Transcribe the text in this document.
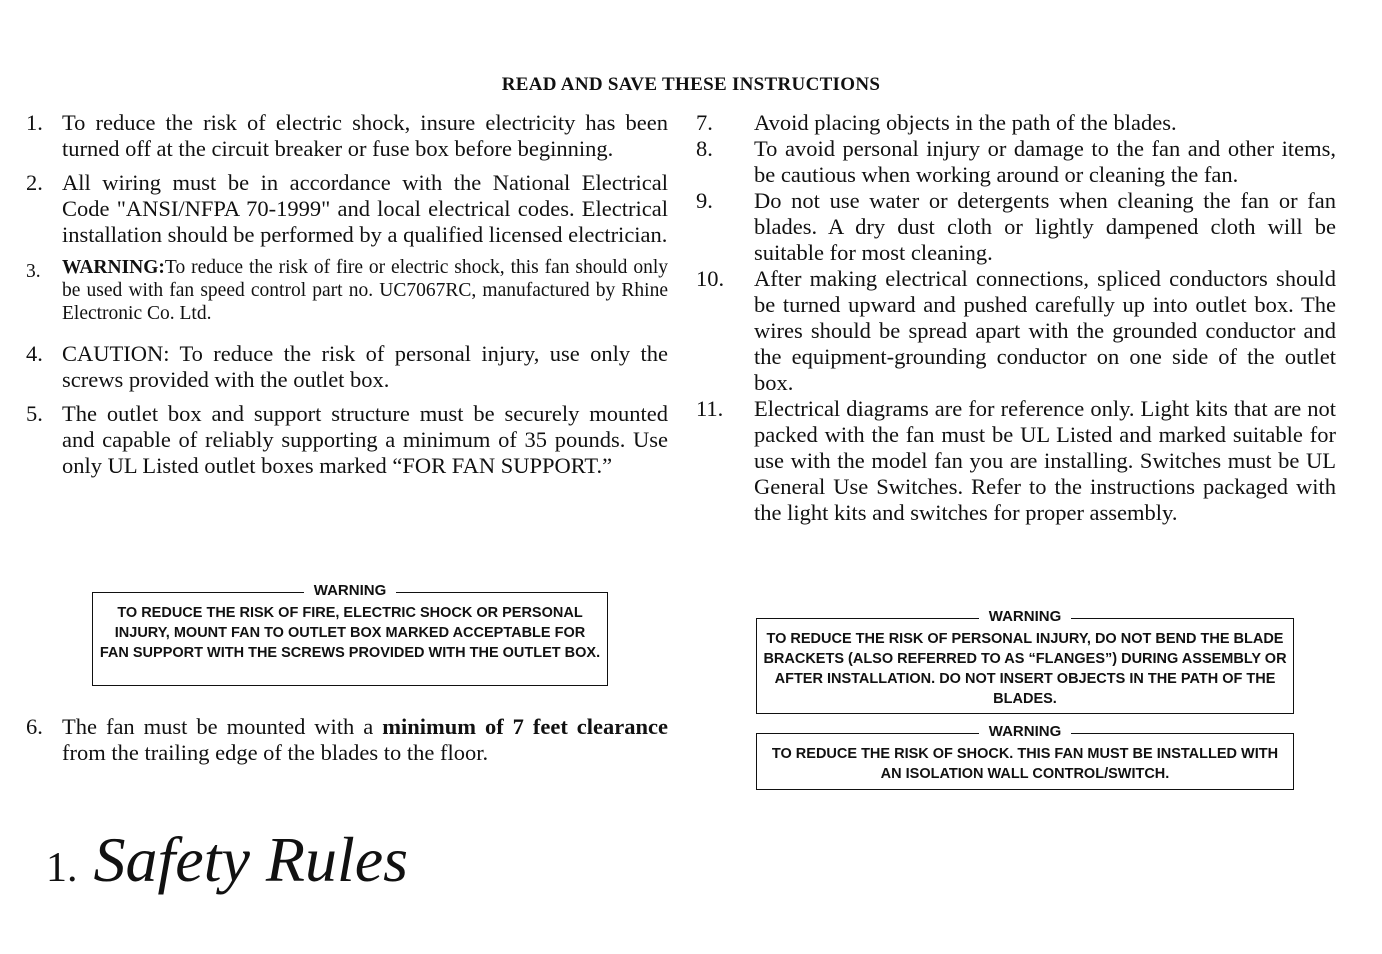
READ AND SAVE THESE INSTRUCTIONS
1. To reduce the risk of electric shock, insure electricity has been turned off at the circuit breaker or fuse box before beginning.
2. All wiring must be in accordance with the National Electrical Code "ANSI/NFPA 70-1999" and local electrical codes. Electrical installation should be performed by a qualified licensed electrician.
3.	WARNING:To reduce the risk of fire or electric shock, this fan should only be used with fan speed control part no. UC7067RC, manufactured by Rhine Electronic Co. Ltd.
4. CAUTION: To reduce the risk of personal injury, use only the screws provided with the outlet box.
5. The outlet box and support structure must be securely mounted and capable of reliably supporting a minimum of 35 pounds. Use only UL Listed outlet boxes marked “FOR FAN SUPPORT.”
WARNING
TO REDUCE THE RISK OF FIRE, ELECTRIC SHOCK OR PERSONAL INJURY, MOUNT FAN TO OUTLET BOX MARKED ACCEPTABLE FOR FAN SUPPORT WITH THE SCREWS PROVIDED WITH THE OUTLET BOX.
6. The fan must be mounted with a minimum of 7 feet clearance from the trailing edge of the blades to the floor.
7.	Avoid placing objects in the path of the blades.
8.	To avoid personal injury or damage to the fan and other items, be cautious when working around or cleaning the fan.
9.	Do not use water or detergents when cleaning the fan or fan blades. A dry dust cloth or lightly dampened cloth will be suitable for most cleaning.
10.	After making electrical connections, spliced conductors should be turned upward and pushed carefully up into outlet box. The wires should be spread apart with the grounded conductor and the equipment-grounding conductor on one side of the outlet box.
11.	Electrical diagrams are for reference only. Light kits that are not packed with the fan must be UL Listed and marked suitable for use with the model fan you are installing. Switches must be UL General Use Switches. Refer to the instructions packaged with the light kits and switches for proper assembly.
WARNING
TO REDUCE THE RISK OF PERSONAL INJURY, DO NOT BEND THE BLADE BRACKETS (ALSO REFERRED TO AS “FLANGES”) DURING ASSEMBLY OR AFTER INSTALLATION. DO NOT INSERT OBJECTS IN THE PATH OF THE BLADES.
WARNING
TO REDUCE THE RISK OF SHOCK. THIS FAN MUST BE INSTALLED WITH AN ISOLATION WALL CONTROL/SWITCH.
1. Safety Rules
